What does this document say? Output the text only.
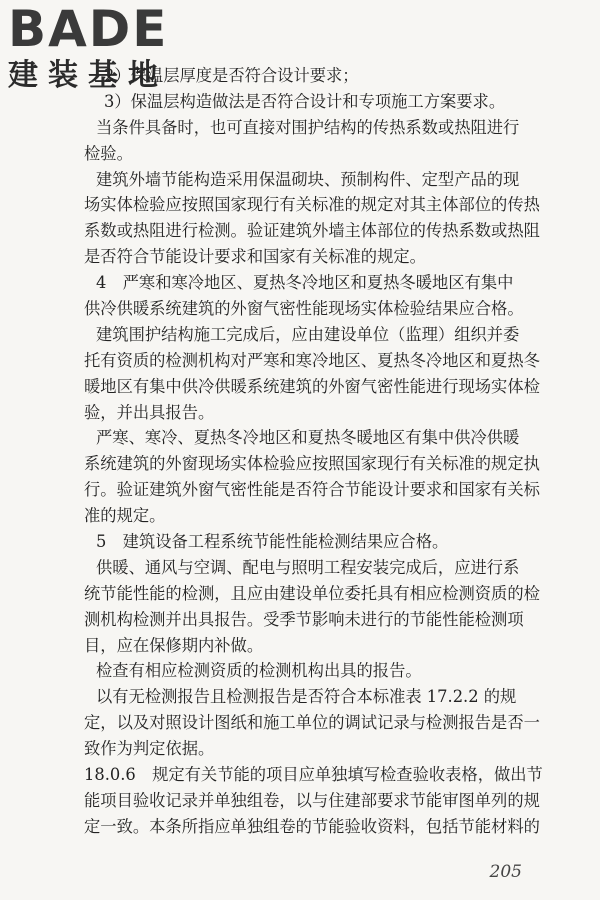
BADE
建装基地
2）保温层厚度是否符合设计要求；
3）保温层构造做法是否符合设计和专项施工方案要求。
当条件具备时，也可直接对围护结构的传热系数或热阻进行
检验。
建筑外墙节能构造采用保温砌块、预制构件、定型产品的现
场实体检验应按照国家现行有关标准的规定对其主体部位的传热
系数或热阻进行检测。验证建筑外墙主体部位的传热系数或热阻
是否符合节能设计要求和国家有关标准的规定。
4　严寒和寒冷地区、夏热冬冷地区和夏热冬暖地区有集中
供冷供暖系统建筑的外窗气密性能现场实体检验结果应合格。
建筑围护结构施工完成后，应由建设单位（监理）组织并委
托有资质的检测机构对严寒和寒冷地区、夏热冬冷地区和夏热冬
暖地区有集中供冷供暖系统建筑的外窗气密性能进行现场实体检
验，并出具报告。
严寒、寒冷、夏热冬冷地区和夏热冬暖地区有集中供冷供暖
系统建筑的外窗现场实体检验应按照国家现行有关标准的规定执
行。验证建筑外窗气密性能是否符合节能设计要求和国家有关标
准的规定。
5　建筑设备工程系统节能性能检测结果应合格。
供暖、通风与空调、配电与照明工程安装完成后，应进行系
统节能性能的检测，且应由建设单位委托具有相应检测资质的检
测机构检测并出具报告。受季节影响未进行的节能性能检测项
目，应在保修期内补做。
检查有相应检测资质的检测机构出具的报告。
以有无检测报告且检测报告是否符合本标准表 17.2.2 的规
定，以及对照设计图纸和施工单位的调试记录与检测报告是否一
致作为判定依据。
18.0.6　规定有关节能的项目应单独填写检查验收表格，做出节
能项目验收记录并单独组卷，以与住建部要求节能审图单列的规
定一致。本条所指应单独组卷的节能验收资料，包括节能材料的
205
